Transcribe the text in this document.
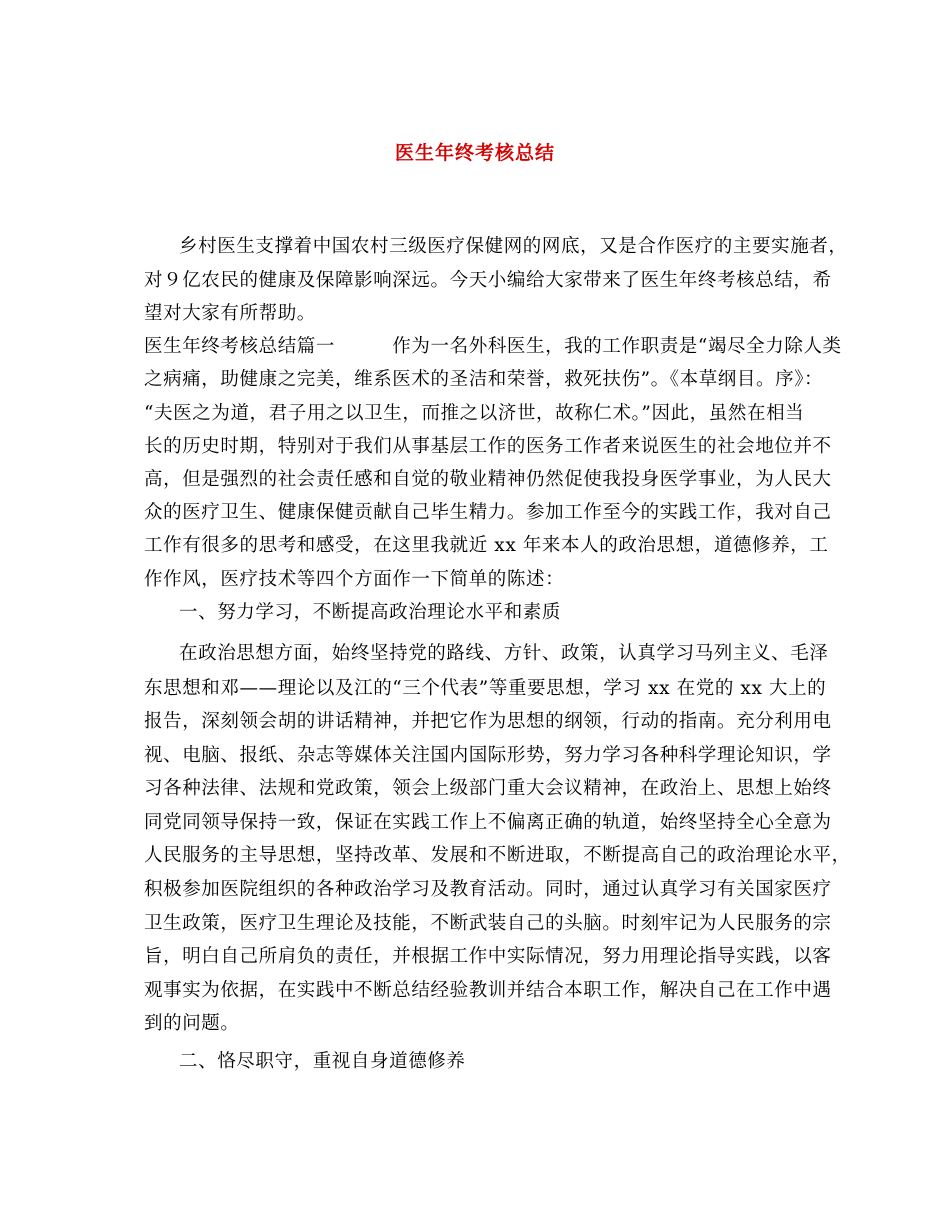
医生年终考核总结
乡村医生支撑着中国农村三级医疗保健网的网底，又是合作医疗的主要实施者，
对９亿农民的健康及保障影响深远。今天小编给大家带来了医生年终考核总结，希
望对大家有所帮助。
医生年终考核总结篇一　　　作为一名外科医生，我的工作职责是“竭尽全力除人类
之病痛，助健康之完美，维系医术的圣洁和荣誉，救死扶伤”。《本草纲目。序》：
“夫医之为道，君子用之以卫生，而推之以济世，故称仁术。”因此，虽然在相当
长的历史时期，特别对于我们从事基层工作的医务工作者来说医生的社会地位并不
高，但是强烈的社会责任感和自觉的敬业精神仍然促使我投身医学事业，为人民大
众的医疗卫生、健康保健贡献自己毕生精力。参加工作至今的实践工作，我对自己
工作有很多的思考和感受，在这里我就近 xx 年来本人的政治思想，道德修养，工
作作风，医疗技术等四个方面作一下简单的陈述：
一、努力学习，不断提高政治理论水平和素质
在政治思想方面，始终坚持党的路线、方针、政策，认真学习马列主义、毛泽
东思想和邓——理论以及江的“三个代表”等重要思想，学习 xx 在党的 xx 大上的
报告，深刻领会胡的讲话精神，并把它作为思想的纲领，行动的指南。充分利用电
视、电脑、报纸、杂志等媒体关注国内国际形势，努力学习各种科学理论知识，学
习各种法律、法规和党政策，领会上级部门重大会议精神，在政治上、思想上始终
同党同领导保持一致，保证在实践工作上不偏离正确的轨道，始终坚持全心全意为
人民服务的主导思想，坚持改革、发展和不断进取，不断提高自己的政治理论水平，
积极参加医院组织的各种政治学习及教育活动。同时，通过认真学习有关国家医疗
卫生政策，医疗卫生理论及技能，不断武装自己的头脑。时刻牢记为人民服务的宗
旨，明白自己所肩负的责任，并根据工作中实际情况，努力用理论指导实践，以客
观事实为依据，在实践中不断总结经验教训并结合本职工作，解决自己在工作中遇
到的问题。
二、恪尽职守，重视自身道德修养
